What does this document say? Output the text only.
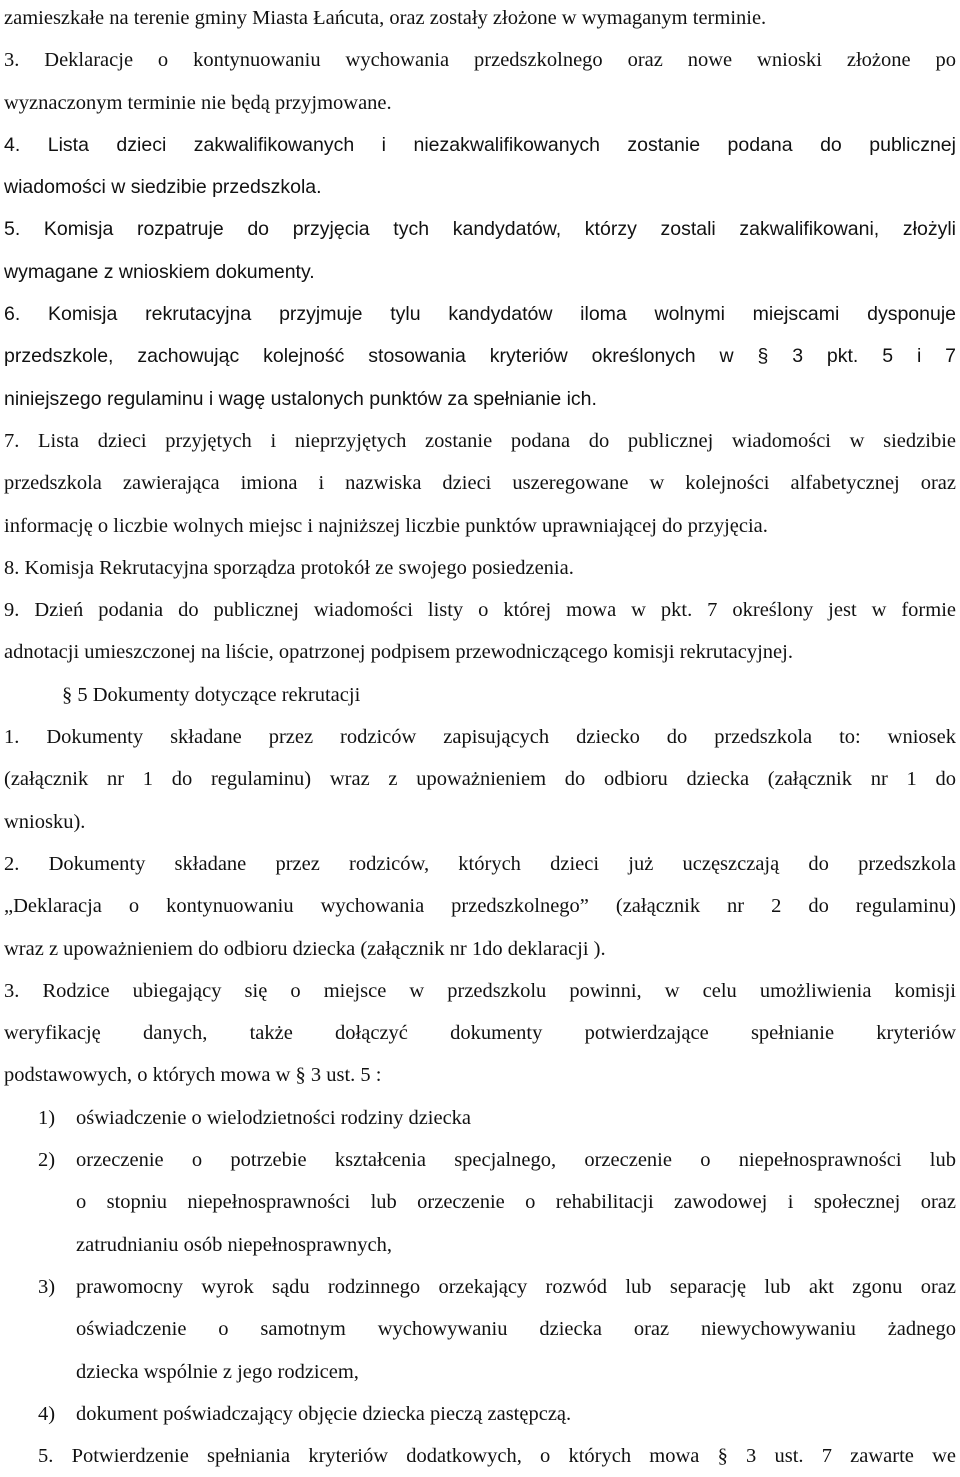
zamieszkałe na terenie gminy Miasta Łańcuta, oraz zostały złożone w wymaganym terminie.

3. Deklaracje o kontynuowaniu wychowania przedszkolnego oraz nowe wnioski złożone po
wyznaczonym terminie nie będą przyjmowane.

4. Lista dzieci zakwalifikowanych i niezakwalifikowanych zostanie podana do publicznej
wiadomości w siedzibie przedszkola.

5. Komisja rozpatruje do przyjęcia tych kandydatów, którzy zostali zakwalifikowani, złożyli
wymagane z wnioskiem dokumenty.

6. Komisja rekrutacyjna przyjmuje tylu kandydatów iloma wolnymi miejscami dysponuje
przedszkole, zachowując kolejność stosowania kryteriów określonych w § 3 pkt. 5 i 7
niniejszego regulaminu i wagę ustalonych punktów za spełnianie ich.

7. Lista dzieci przyjętych i nieprzyjętych zostanie podana do publicznej wiadomości w siedzibie
przedszkola zawierająca imiona i nazwiska dzieci uszeregowane w kolejności alfabetycznej oraz
informację o liczbie wolnych miejsc i najniższej liczbie punktów uprawniającej do przyjęcia.

8. Komisja Rekrutacyjna sporządza protokół ze swojego posiedzenia.

9. Dzień podania do publicznej wiadomości listy o której mowa w pkt. 7 określony jest w formie
adnotacji umieszczonej na liście, opatrzonej podpisem przewodniczącego komisji rekrutacyjnej.

§ 5 Dokumenty dotyczące rekrutacji

1. Dokumenty składane przez rodziców zapisujących dziecko do przedszkola to: wniosek
(załącznik nr 1 do regulaminu) wraz z upoważnieniem do odbioru dziecka (załącznik nr 1 do
wniosku).

2. Dokumenty składane przez rodziców, których dzieci już uczęszczają do przedszkola
„Deklaracja o kontynuowaniu wychowania przedszkolnego” (załącznik nr 2 do regulaminu)
wraz z upoważnieniem do odbioru dziecka (załącznik nr 1do deklaracji ).

3. Rodzice ubiegający się o miejsce w przedszkolu powinni, w celu umożliwienia komisji
weryfikację danych, także dołączyć dokumenty potwierdzające spełnianie kryteriów
podstawowych, o których mowa w § 3 ust. 5 :

1) oświadczenie o wielodzietności rodziny dziecka
2) orzeczenie o potrzebie kształcenia specjalnego, orzeczenie o niepełnosprawności lub
o stopniu niepełnosprawności lub orzeczenie o rehabilitacji zawodowej i społecznej oraz
zatrudnianiu osób niepełnosprawnych,
3) prawomocny wyrok sądu rodzinnego orzekający rozwód lub separację lub akt zgonu oraz
oświadczenie o samotnym wychowywaniu dziecka oraz niewychowywaniu żadnego
dziecka wspólnie z jego rodzicem,
4) dokument poświadczający objęcie dziecka pieczą zastępczą.

5. Potwierdzenie spełniania kryteriów dodatkowych, o których mowa § 3 ust. 7 zawarte we
